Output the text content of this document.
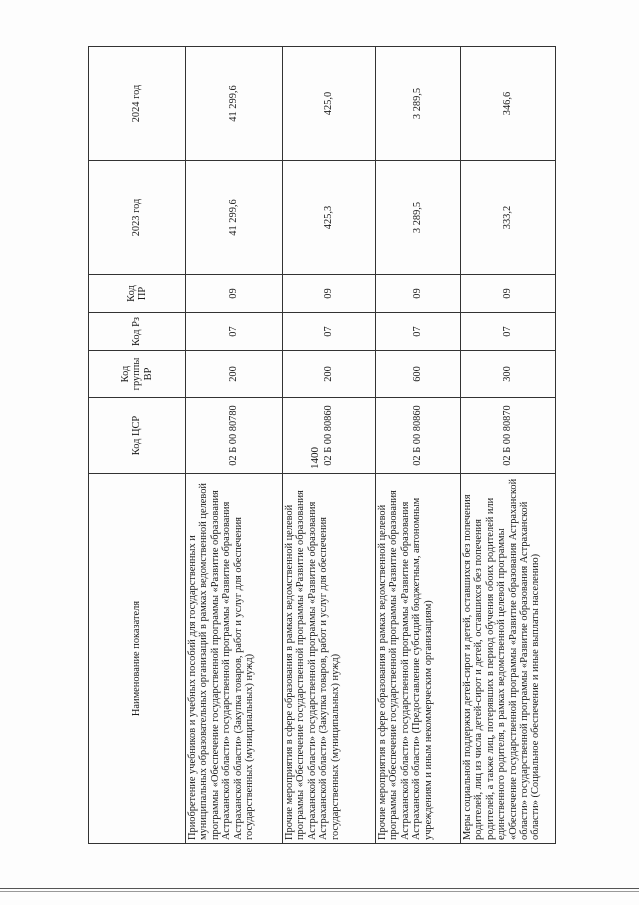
1400
Наименование показателя	Код ЦСР	Код группы ВР	Код Рз	Код ПР	2023 год	2024 год
Приобретение учебников и учебных пособий для государственных и муниципальных образовательных организаций в рамках ведомственной целевой программы «Обеспечение государственной программы «Развитие образования Астраханской области» государственной программы «Развитие образования Астраханской области» (Закупка товаров, работ и услуг для обеспечения государственных (муниципальных) нужд)	02 Б 00 80780	200	07	09	41 299,6	41 299,6
Прочие мероприятия в сфере образования в рамках ведомственной целевой программы «Обеспечение государственной программы «Развитие образования Астраханской области» государственной программы «Развитие образования Астраханской области» (Закупка товаров, работ и услуг для обеспечения государственных (муниципальных) нужд)	02 Б 00 80860	200	07	09	425,3	425,0
Прочие мероприятия в сфере образования в рамках ведомственной целевой программы «Обеспечение государственной программы «Развитие образования Астраханской области» государственной программы «Развитие образования Астраханской области» (Предоставление субсидий бюджетным, автономным учреждениям и иным некоммерческим организациям)	02 Б 00 80860	600	07	09	3 289,5	3 289,5
Меры социальной поддержки детей-сирот и детей, оставшихся без попечения родителей, лиц из числа детей-сирот и детей, оставшихся без попечения родителей, а также лиц, потерявших в период обучения обоих родителей или единственного родителя, в рамках ведомственной целевой программы «Обеспечение государственной программы «Развитие образования Астраханской области» государственной программы «Развитие образования Астраханской области» (Социальное обеспечение и иные выплаты населению)	02 Б 00 80870	300	07	09	333,2	346,6
